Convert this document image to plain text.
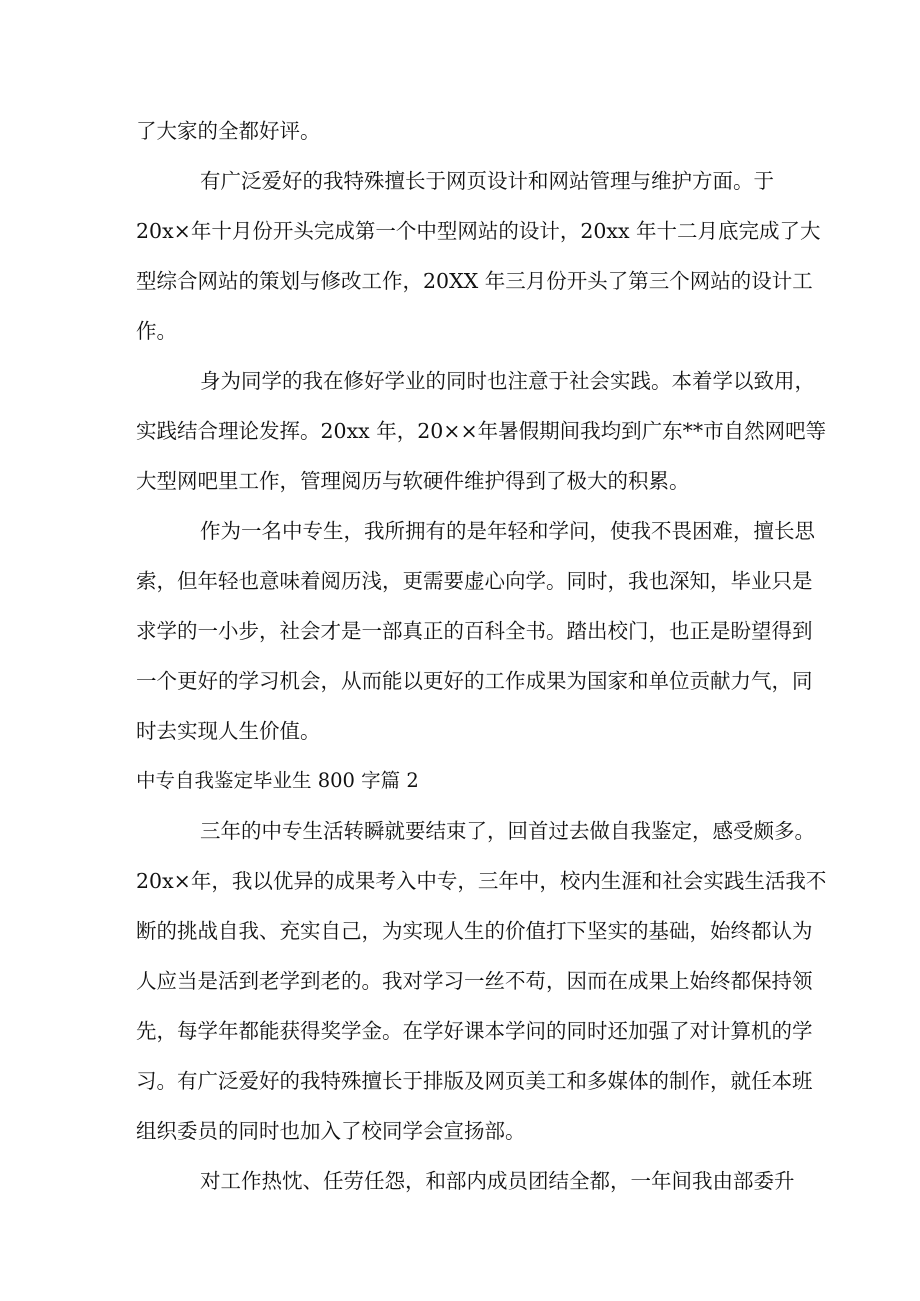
了大家的全都好评。
有广泛爱好的我特殊擅长于网页设计和网站管理与维护方面。于
20x×年十月份开头完成第一个中型网站的设计，20xx 年十二月底完成了大
型综合网站的策划与修改工作，20XX 年三月份开头了第三个网站的设计工
作。
身为同学的我在修好学业的同时也注意于社会实践。本着学以致用，
实践结合理论发挥。20xx 年，20××年暑假期间我均到广东**市自然网吧等
大型网吧里工作，管理阅历与软硬件维护得到了极大的积累。
作为一名中专生，我所拥有的是年轻和学问，使我不畏困难，擅长思
索，但年轻也意味着阅历浅，更需要虚心向学。同时，我也深知，毕业只是
求学的一小步，社会才是一部真正的百科全书。踏出校门，也正是盼望得到
一个更好的学习机会，从而能以更好的工作成果为国家和单位贡献力气，同
时去实现人生价值。
中专自我鉴定毕业生 800 字篇 2
三年的中专生活转瞬就要结束了，回首过去做自我鉴定，感受颇多。
20x×年，我以优异的成果考入中专，三年中，校内生涯和社会实践生活我不
断的挑战自我、充实自己，为实现人生的价值打下坚实的基础，始终都认为
人应当是活到老学到老的。我对学习一丝不苟，因而在成果上始终都保持领
先，每学年都能获得奖学金。在学好课本学问的同时还加强了对计算机的学
习。有广泛爱好的我特殊擅长于排版及网页美工和多媒体的制作，就任本班
组织委员的同时也加入了校同学会宣扬部。
对工作热忱、任劳任怨，和部内成员团结全都，一年间我由部委升
